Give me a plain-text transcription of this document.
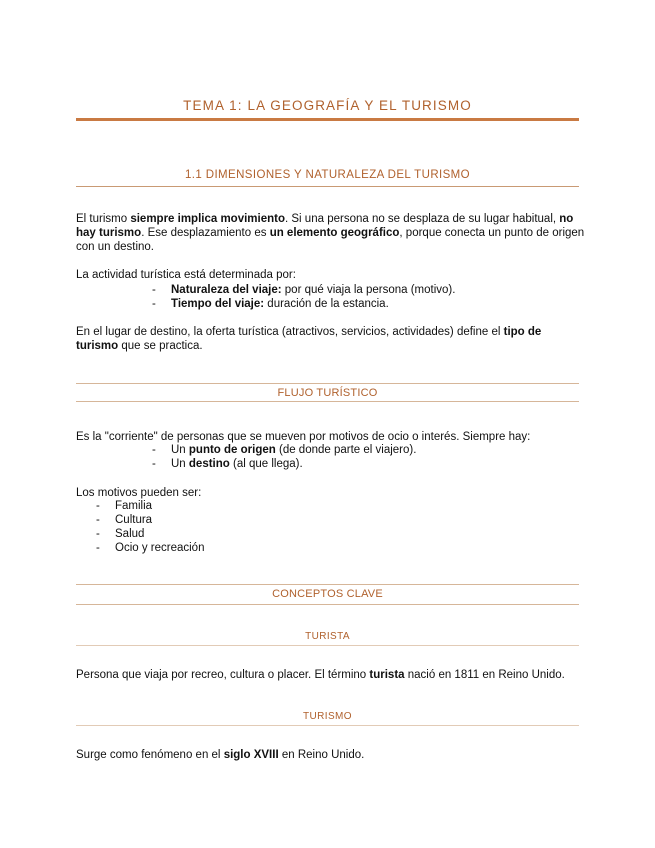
TEMA 1: LA GEOGRAFÍA Y EL TURISMO
1.1 DIMENSIONES Y NATURALEZA DEL TURISMO
El turismo siempre implica movimiento. Si una persona no se desplaza de su lugar habitual, no hay turismo. Ese desplazamiento es un elemento geográfico, porque conecta un punto de origen con un destino.
La actividad turística está determinada por:
- Naturaleza del viaje: por qué viaja la persona (motivo).
- Tiempo del viaje: duración de la estancia.
En el lugar de destino, la oferta turística (atractivos, servicios, actividades) define el tipo de turismo que se practica.
FLUJO TURÍSTICO
Es la "corriente" de personas que se mueven por motivos de ocio o interés. Siempre hay:
- Un punto de origen (de donde parte el viajero).
- Un destino (al que llega).
Los motivos pueden ser:
- Familia
- Cultura
- Salud
- Ocio y recreación
CONCEPTOS CLAVE
TURISTA
Persona que viaja por recreo, cultura o placer. El término turista nació en 1811 en Reino Unido.
TURISMO
Surge como fenómeno en el siglo XVIII en Reino Unido.
